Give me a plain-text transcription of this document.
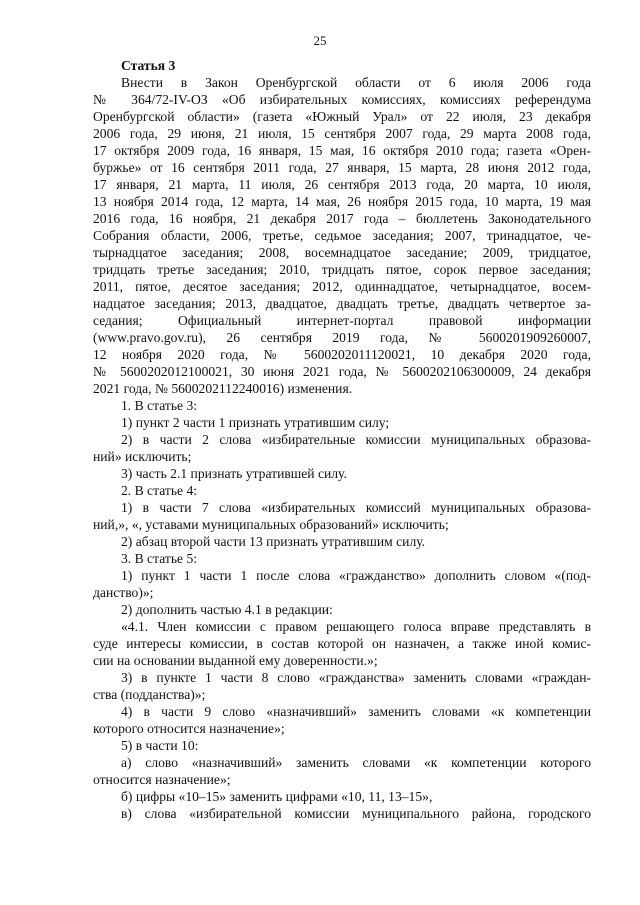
25
Статья 3
Внести в Закон Оренбургской области от 6 июля 2006 года
№ 364/72-IV-ОЗ «Об избирательных комиссиях, комиссиях референдума
Оренбургской области» (газета «Южный Урал» от 22 июля, 23 декабря
2006 года, 29 июня, 21 июля, 15 сентября 2007 года, 29 марта 2008 года,
17 октября 2009 года, 16 января, 15 мая, 16 октября 2010 года; газета «Орен-
буржье» от 16 сентября 2011 года, 27 января, 15 марта, 28 июня 2012 года,
17 января, 21 марта, 11 июля, 26 сентября 2013 года, 20 марта, 10 июля,
13 ноября 2014 года, 12 марта, 14 мая, 26 ноября 2015 года, 10 марта, 19 мая
2016 года, 16 ноября, 21 декабря 2017 года – бюллетень Законодательного
Собрания области, 2006, третье, седьмое заседания; 2007, тринадцатое, че-
тырнадцатое заседания; 2008, восемнадцатое заседание; 2009, тридцатое,
тридцать третье заседания; 2010, тридцать пятое, сорок первое заседания;
2011, пятое, десятое заседания; 2012, одиннадцатое, четырнадцатое, восем-
надцатое заседания; 2013, двадцатое, двадцать третье, двадцать четвертое за-
седания; Официальный интернет-портал правовой информации
(www.pravo.gov.ru), 26 сентября 2019 года, № 5600201909260007,
12 ноября 2020 года, № 5600202011120021, 10 декабря 2020 года,
№ 5600202012100021, 30 июня 2021 года, № 5600202106300009, 24 декабря
2021 года, № 5600202112240016) изменения.
1. В статье 3:
1) пункт 2 части 1 признать утратившим силу;
2) в части 2 слова «избирательные комиссии муниципальных образова-
ний» исключить;
3) часть 2.1 признать утратившей силу.
2. В статье 4:
1) в части 7 слова «избирательных комиссий муниципальных образова-
ний,», «, уставами муниципальных образований» исключить;
2) абзац второй части 13 признать утратившим силу.
3. В статье 5:
1) пункт 1 части 1 после слова «гражданство» дополнить словом «(под-
данство)»;
2) дополнить частью 4.1 в редакции:
«4.1. Член комиссии с правом решающего голоса вправе представлять в
суде интересы комиссии, в состав которой он назначен, а также иной комис-
сии на основании выданной ему доверенности.»;
3) в пункте 1 части 8 слово «гражданства» заменить словами «граждан-
ства (подданства)»;
4) в части 9 слово «назначивший» заменить словами «к компетенции
которого относится назначение»;
5) в части 10:
а) слово «назначивший» заменить словами «к компетенции которого
относится назначение»;
б) цифры «10–15» заменить цифрами «10, 11, 13–15»,
в) слова «избирательной комиссии муниципального района, городского
